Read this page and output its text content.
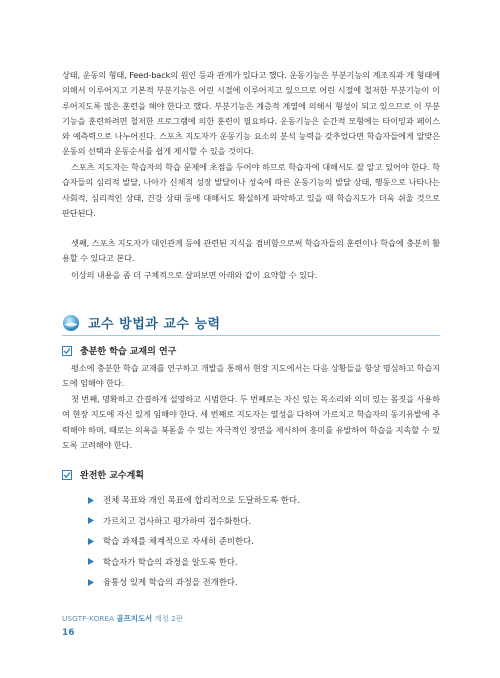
상태, 운동의 형태, Feed-back의 원인 등과 관계가 있다고 했다. 운동기능은 부분기능의 계조직과 계 형태에 의해서 이루어지고 기본적 부분기능은 어린 시절에 이루어지고 있으므로 어린 시절에 철저한 부분기능이 이루어지도록 많은 훈련을 해야 한다고 했다. 부분기능은 계층적 계열에 의해서 형성이 되고 있으므로 이 부분기능을 훈련하려면 철저한 프로그램에 의한 훈련이 필요하다. 운동기능은 순간적 모형에는 타이밍과 페이스와 예측력으로 나누어진다. 스포츠 지도자가 운동기능 요소의 분석 능력을 갖추었다면 학습자들에게 알맞은 운동의 선택과 운동순서를 쉽게 제시할 수 있을 것이다.

스포츠 지도자는 학습자의 학습 문제에 초점을 두어야 하므로 학습자에 대해서도 잘 알고 있어야 한다. 학습자들의 심리적 발달, 나아가 신체적 성장 발달이나 성숙에 따른 운동기능의 발달 상태, 행동으로 나타나는 사회적, 심리적인 상태, 건강 상태 등에 대해서도 확실하게 파악하고 있을 때 학습지도가 더욱 쉬울 것으로 판단된다.

셋째, 스포츠 지도자가 대인관계 등에 관련된 지식을 겸비함으로써 학습자들의 훈련이나 학습에 충분히 활용할 수 있다고 본다.

이상의 내용을 좀 더 구체적으로 살펴보면 아래와 같이 요약할 수 있다.

교수 방법과 교수 능력
충분한 학습 교재의 연구

평소에 충분한 학습 교재를 연구하고 개발을 통해서 현장 지도에서는 다음 상황들을 항상 명심하고 학습지도에 임해야 한다.

첫 번째, 명확하고 간결하게 설명하고 시범한다. 두 번째로는 자신 있는 목소리와 의미 있는 몸짓을 사용하여 현장 지도에 자신 있게 임해야 한다. 세 번째로 지도자는 열성을 다하여 가르치고 학습자의 동기유발에 주력해야 하며, 때로는 의욕을 북돋울 수 있는 자극적인 장면을 제시하여 흥미를 유발하여 학습을 지속할 수 있도록 고려해야 한다.

완전한 교수계획
전체 목표와 개인 목표에 합리적으로 도달하도록 한다.
가르치고 검사하고 평가하여 접수화한다.
학습 과제를 체계적으로 자세히 준비한다.
학습자가 학습의 과정을 알도록 한다.
융통성 있게 학습의 과정을 전개한다.
USGTF-KOREA 골프지도서 개정 2판
16
